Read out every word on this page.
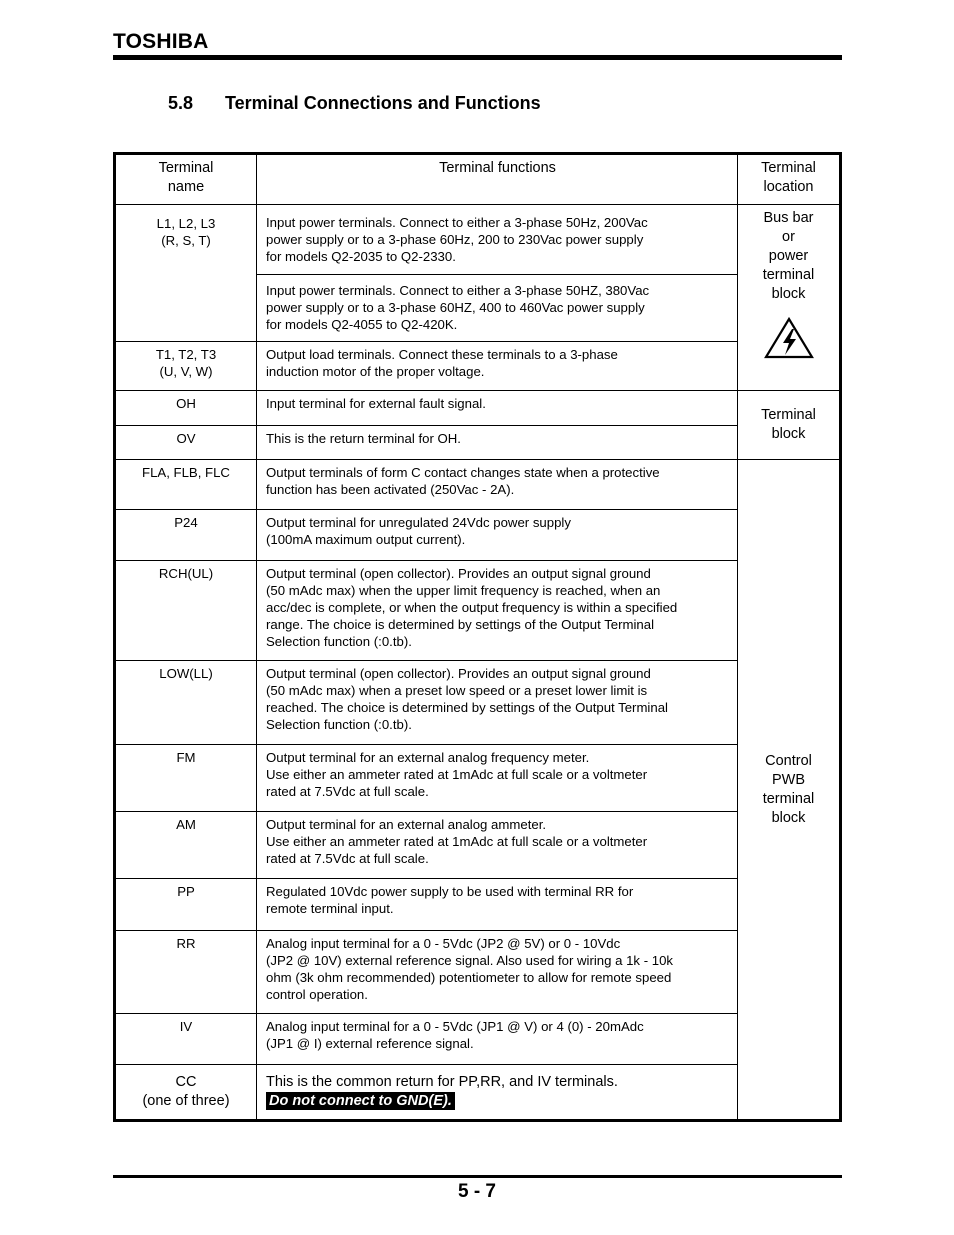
TOSHIBA
5.8 Terminal Connections and Functions
Terminal
name	Terminal functions	Terminal
location

L1, L2, L3
(R, S, T)	Input power terminals. Connect to either a 3-phase 50Hz, 200Vac
power supply or to a 3-phase 60Hz, 200 to 230Vac power supply
for models Q2-2035 to Q2-2330.	Bus bar
or
power
terminal
block

	Input power terminals. Connect to either a 3-phase 50HZ, 380Vac
power supply or to a 3-phase 60HZ, 400 to 460Vac power supply
for models Q2-4055 to Q2-420K.	
T1, T2, T3
(U, V, W)	Output load terminals. Connect these terminals to a 3-phase
induction motor of the proper voltage.	
OH	Input terminal for external fault signal.	Terminal
block

OV	This is the return terminal for OH.	
FLA, FLB, FLC	Output terminals of form C contact changes state when a protective
function has been activated (250Vac - 2A).	Control
PWB
terminal
block

P24	Output terminal for unregulated 24Vdc power supply
(100mA maximum output current).	
RCH(UL)	Output terminal (open collector). Provides an output signal ground
(50 mAdc max) when the upper limit frequency is reached, when an
acc/dec is complete, or when the output frequency is within a specified
range. The choice is determined by settings of the Output Terminal
Selection function (:0.tb).	
LOW(LL)	Output terminal (open collector). Provides an output signal ground
(50 mAdc max) when a preset low speed or a preset lower limit is
reached. The choice is determined by settings of the Output Terminal
Selection function (:0.tb).	
FM	Output terminal for an external analog frequency meter.
Use either an ammeter rated at 1mAdc at full scale or a voltmeter
rated at 7.5Vdc at full scale.	
AM	Output terminal for an external analog ammeter.
Use either an ammeter rated at 1mAdc at full scale or a voltmeter
rated at 7.5Vdc at full scale.	
PP	Regulated 10Vdc power supply to be used with terminal RR for
remote terminal input.	
RR	Analog input terminal for a 0 - 5Vdc (JP2 @ 5V) or 0 - 10Vdc
(JP2 @ 10V) external reference signal. Also used for wiring a 1k - 10k
ohm (3k ohm recommended) potentiometer to allow for remote speed
control operation.	
IV	Analog input terminal for a 0 - 5Vdc (JP1 @ V) or 4 (0) - 20mAdc
(JP1 @ I) external reference signal.	
CC
(one of three)	This is the common return for PP,RR, and IV terminals.
Do not connect to GND(E).	
5 - 7
